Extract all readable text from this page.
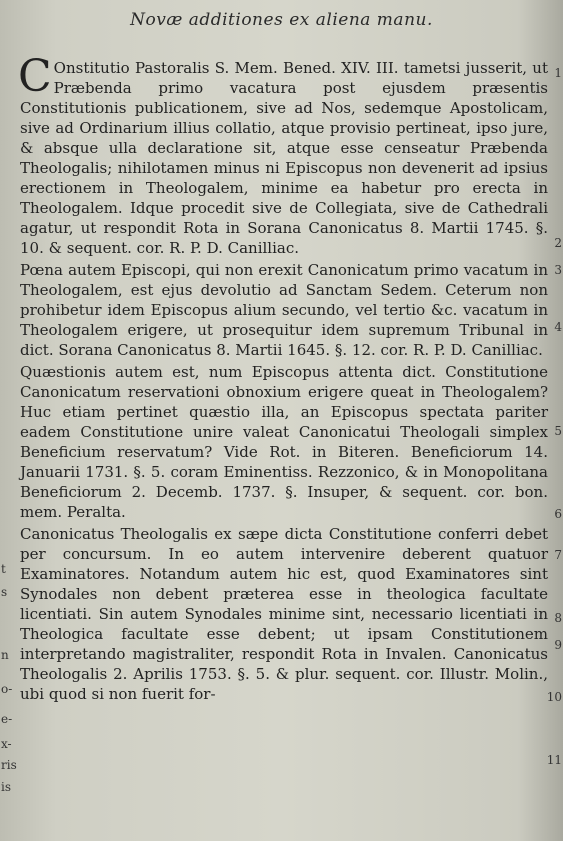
Novæ additiones ex aliena manu.

C Onstitutio Pastoralis S. Mem. Bened. XIV. III. tametsi jusserit, ut Præbenda primo vacatura post ejusdem præsentis Constitutionis publicationem, sive ad Nos, sedemque Apostolicam, sive ad Ordinarium illius collatio, atque provisio pertineat, ipso jure, & absque ulla declaratione sit, atque esse censeatur Præbenda Theologalis; nihilotamen minus ni Episcopus non devenerit ad ipsius erectionem in Theologalem, minime ea habetur pro erecta in Theologalem. Idque procedit sive de Collegiata, sive de Cathedrali agatur, ut respondit Rota in Sorana Canonicatus 8. Martii 1745. §. 10. & sequent. cor. R. P. D. Canilliac.

Pœna autem Episcopi, qui non erexit Canonicatum primo vacatum in Theologalem, est ejus devolutio ad Sanctam Sedem. Ceterum non prohibetur idem Episcopus alium secundo, vel tertio &c. vacatum in Theologalem erigere, ut prosequitur idem supremum Tribunal in dict. Sorana Canonicatus 8. Martii 1645. §. 12. cor. R. P. D. Canilliac.

Quæstionis autem est, num Episcopus attenta dict. Constitutione Canonicatum reservationi obnoxium erigere queat in Theologalem? Huc etiam pertinet quæstio illa, an Episcopus spectata pariter eadem Constitutione unire valeat Canonicatui Theologali simplex Beneficium reservatum? Vide Rot. in Biteren. Beneficiorum 14. Januarii 1731. §. 5. coram Eminentiss. Rezzonico, & in Monopolitana Beneficiorum 2. Decemb. 1737. §. Insuper, & sequent. cor. bon. mem. Peralta.

Canonicatus Theologalis ex sæpe dicta Constitutione conferri debet per concursum. In eo autem intervenire deberent quatuor Examinatores. Notandum autem hic est, quod Examinatores sint Synodales non debent præterea esse in theologica facultate licentiati. Sin autem Synodales minime sint, necessario licentiati in Theologica facultate esse debent; ut ipsam Constitutionem interpretando magistraliter, respondit Rota in Invalen. Canonicatus Theologalis 2. Aprilis 1753. §. 5. & plur. sequent. cor. Illustr. Molin., ubi quod si non fuerit for-

t
s
n
o-
e-
x-
ris
is
1
2
3
4
5
6
7
8
9
10
11
